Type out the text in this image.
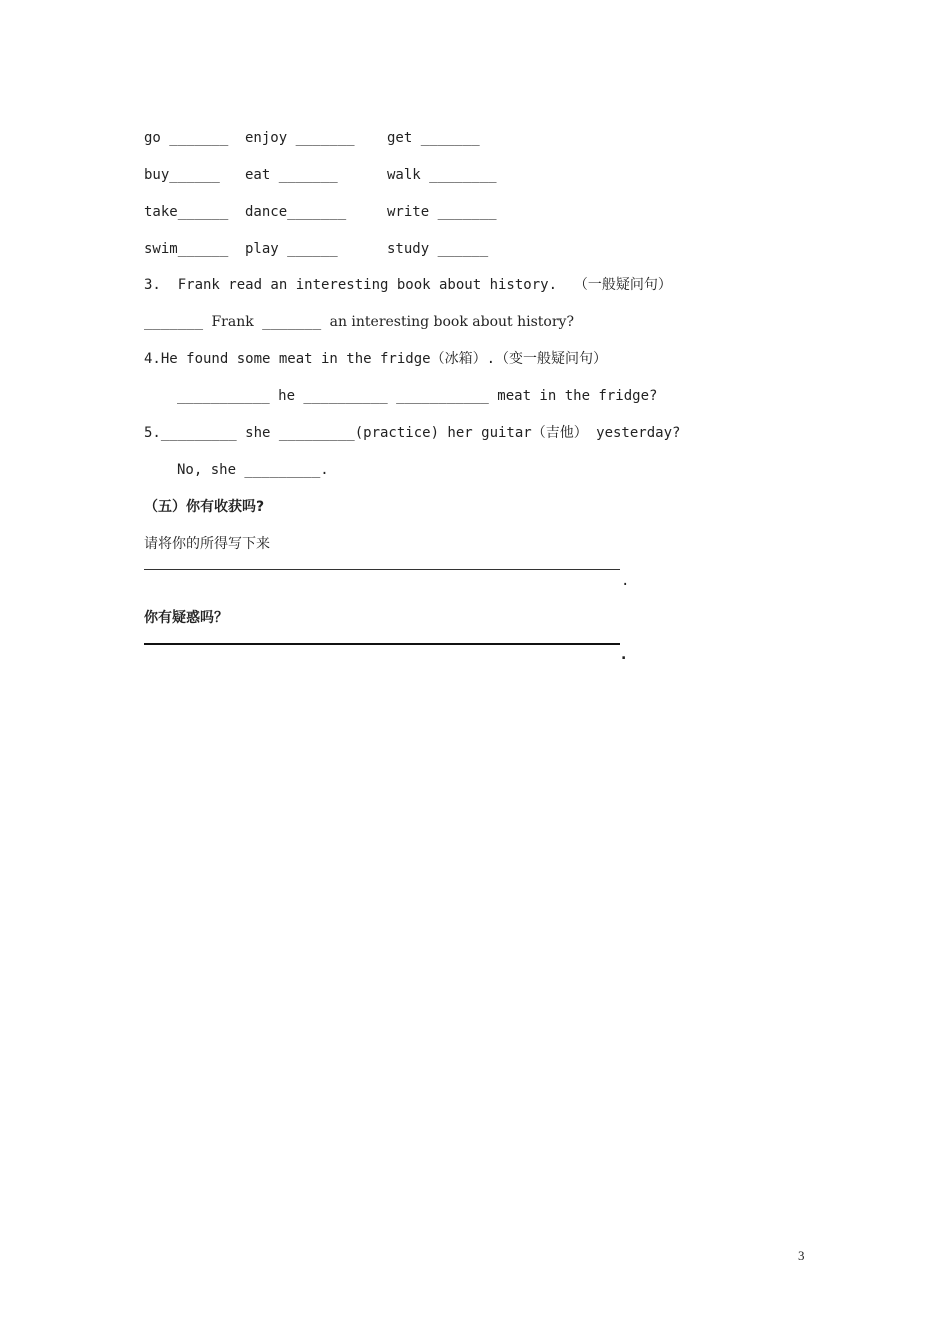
go _______ enjoy _______ get _______
buy______ eat _______	walk ________
take______ dance_______	write _______
swim______ play ______	study ______
3.  Frank read an interesting book about history.  （一般疑问句）
_______ Frank _______ an interesting book about history?
4.He found some meat in the fridge（冰箱）.（变一般疑问句）
___________ he __________ ___________ meat in the fridge?
5._________ she _________(practice) her guitar（吉他） yesterday?
No, she _________.
（五）你有收获吗?
请将你的所得写下来
.
你有疑惑吗？
.
3
